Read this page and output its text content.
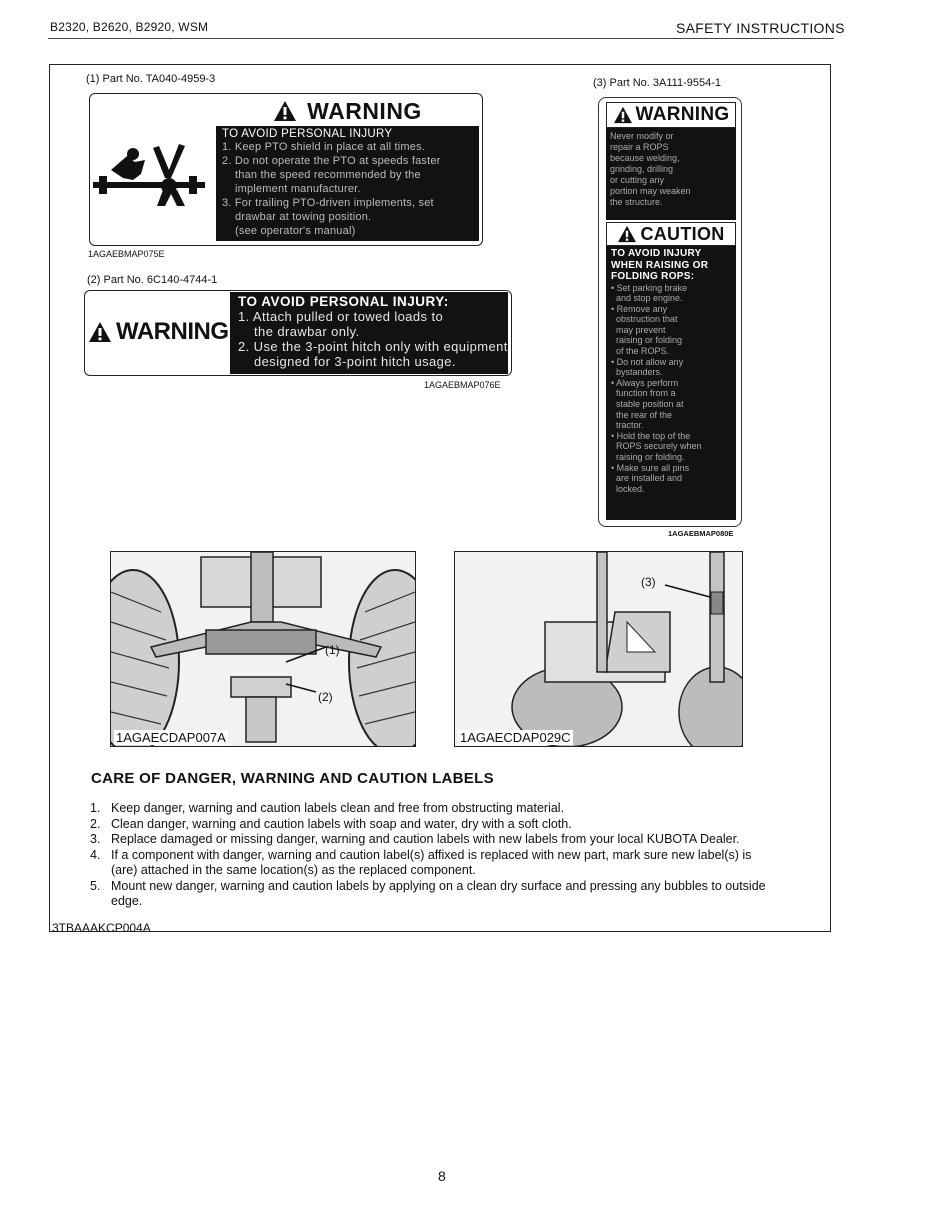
B2320, B2620, B2920, WSM	SAFETY INSTRUCTIONS
(1) Part No. TA040-4959-3
WARNING
TO AVOID PERSONAL INJURY
1. Keep PTO shield in place at all times.
2. Do not operate the PTO at speeds faster
than the speed recommended by the
implement manufacturer.
3. For trailing PTO-driven implements, set
drawbar at towing position.
(see operator's manual)
1AGAEBMAP075E
(2) Part No. 6C140-4744-1
WARNING
TO AVOID PERSONAL INJURY:
1. Attach pulled or towed loads to
the drawbar only.
2. Use the 3-point hitch only with equipment
designed for 3-point hitch usage.
1AGAEBMAP076E
(3) Part No. 3A111-9554-1
WARNING
Never modify or
repair a ROPS
because welding,
grinding, drilling
or cutting any
portion may weaken
the structure.
CAUTION
TO AVOID INJURY
WHEN RAISING OR
FOLDING ROPS:
• Set parking brake
and stop engine.
• Remove any
obstruction that
may prevent
raising or folding
of the ROPS.
• Do not allow any
bystanders.
• Always perform
function from a
stable position at
the rear of the
tractor.
• Hold the top of the
ROPS securely when
raising or folding.
• Make sure all pins
are installed and
locked.
1AGAEBMAP080E
(1)
(2)
1AGAECDAP007A
(3)
1AGAECDAP029C
CARE OF DANGER, WARNING AND CAUTION LABELS
1. Keep danger, warning and caution labels clean and free from obstructing material.
2. Clean danger, warning and caution labels with soap and water, dry with a soft cloth.
3. Replace damaged or missing danger, warning and caution labels with new labels from your local KUBOTA Dealer.
4. If a component with danger, warning and caution label(s) affixed is replaced with new part, mark sure new label(s) is
(are) attached in the same location(s) as the replaced component.
5. Mount new danger, warning and caution labels by applying on a clean dry surface and pressing any bubbles to outside
edge.
3TBAAAKCP004A
8
